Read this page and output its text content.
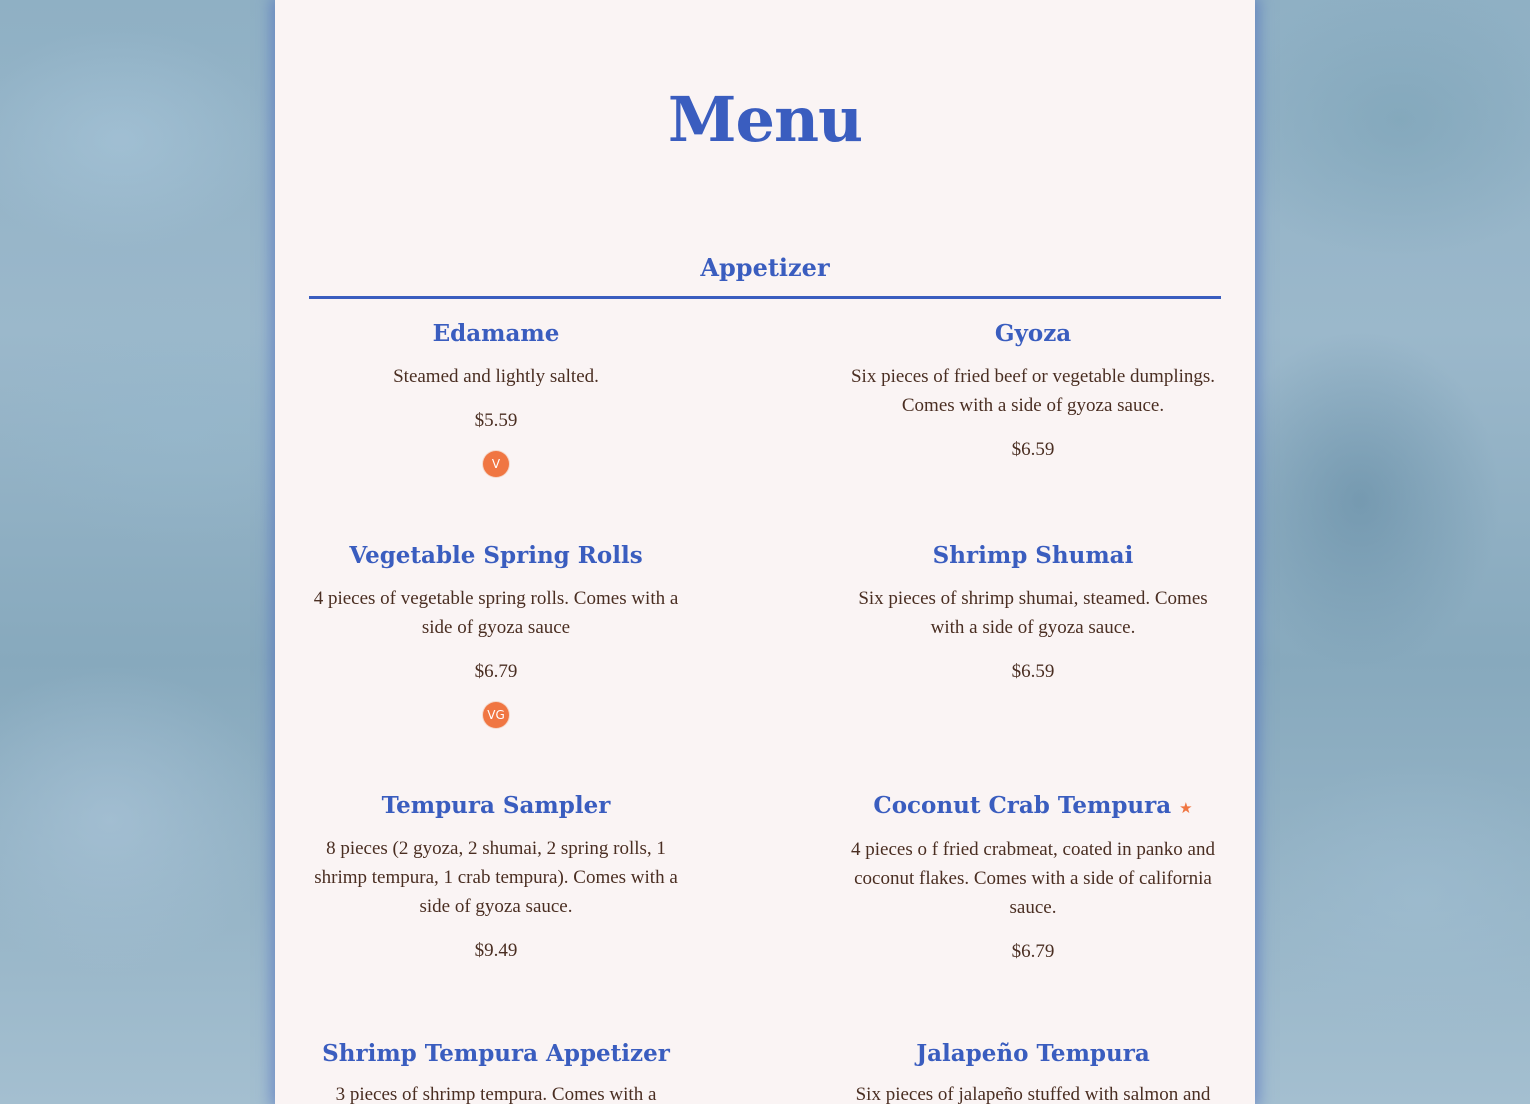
Menu
Appetizer
Edamame

Steamed and lightly salted.

$5.59

V
Gyoza

Six pieces of fried beef or vegetable dumplings. Comes with a side of gyoza sauce.

$6.59

Vegetable Spring Rolls

4 pieces of vegetable spring rolls. Comes with a side of gyoza sauce

$6.79

VG
Shrimp Shumai

Six pieces of shrimp shumai, steamed. Comes with a side of gyoza sauce.

$6.59

Tempura Sampler

8 pieces (2 gyoza, 2 shumai, 2 spring rolls, 1 shrimp tempura, 1 crab tempura). Comes with a side of gyoza sauce.

$9.49

Coconut Crab Tempura ★

4 pieces o f fried crabmeat, coated in panko and coconut flakes. Comes with a side of california sauce.

$6.79

Shrimp Tempura Appetizer

3 pieces of shrimp tempura. Comes with a

Jalapeño Tempura

Six pieces of jalapeño stuffed with salmon and
